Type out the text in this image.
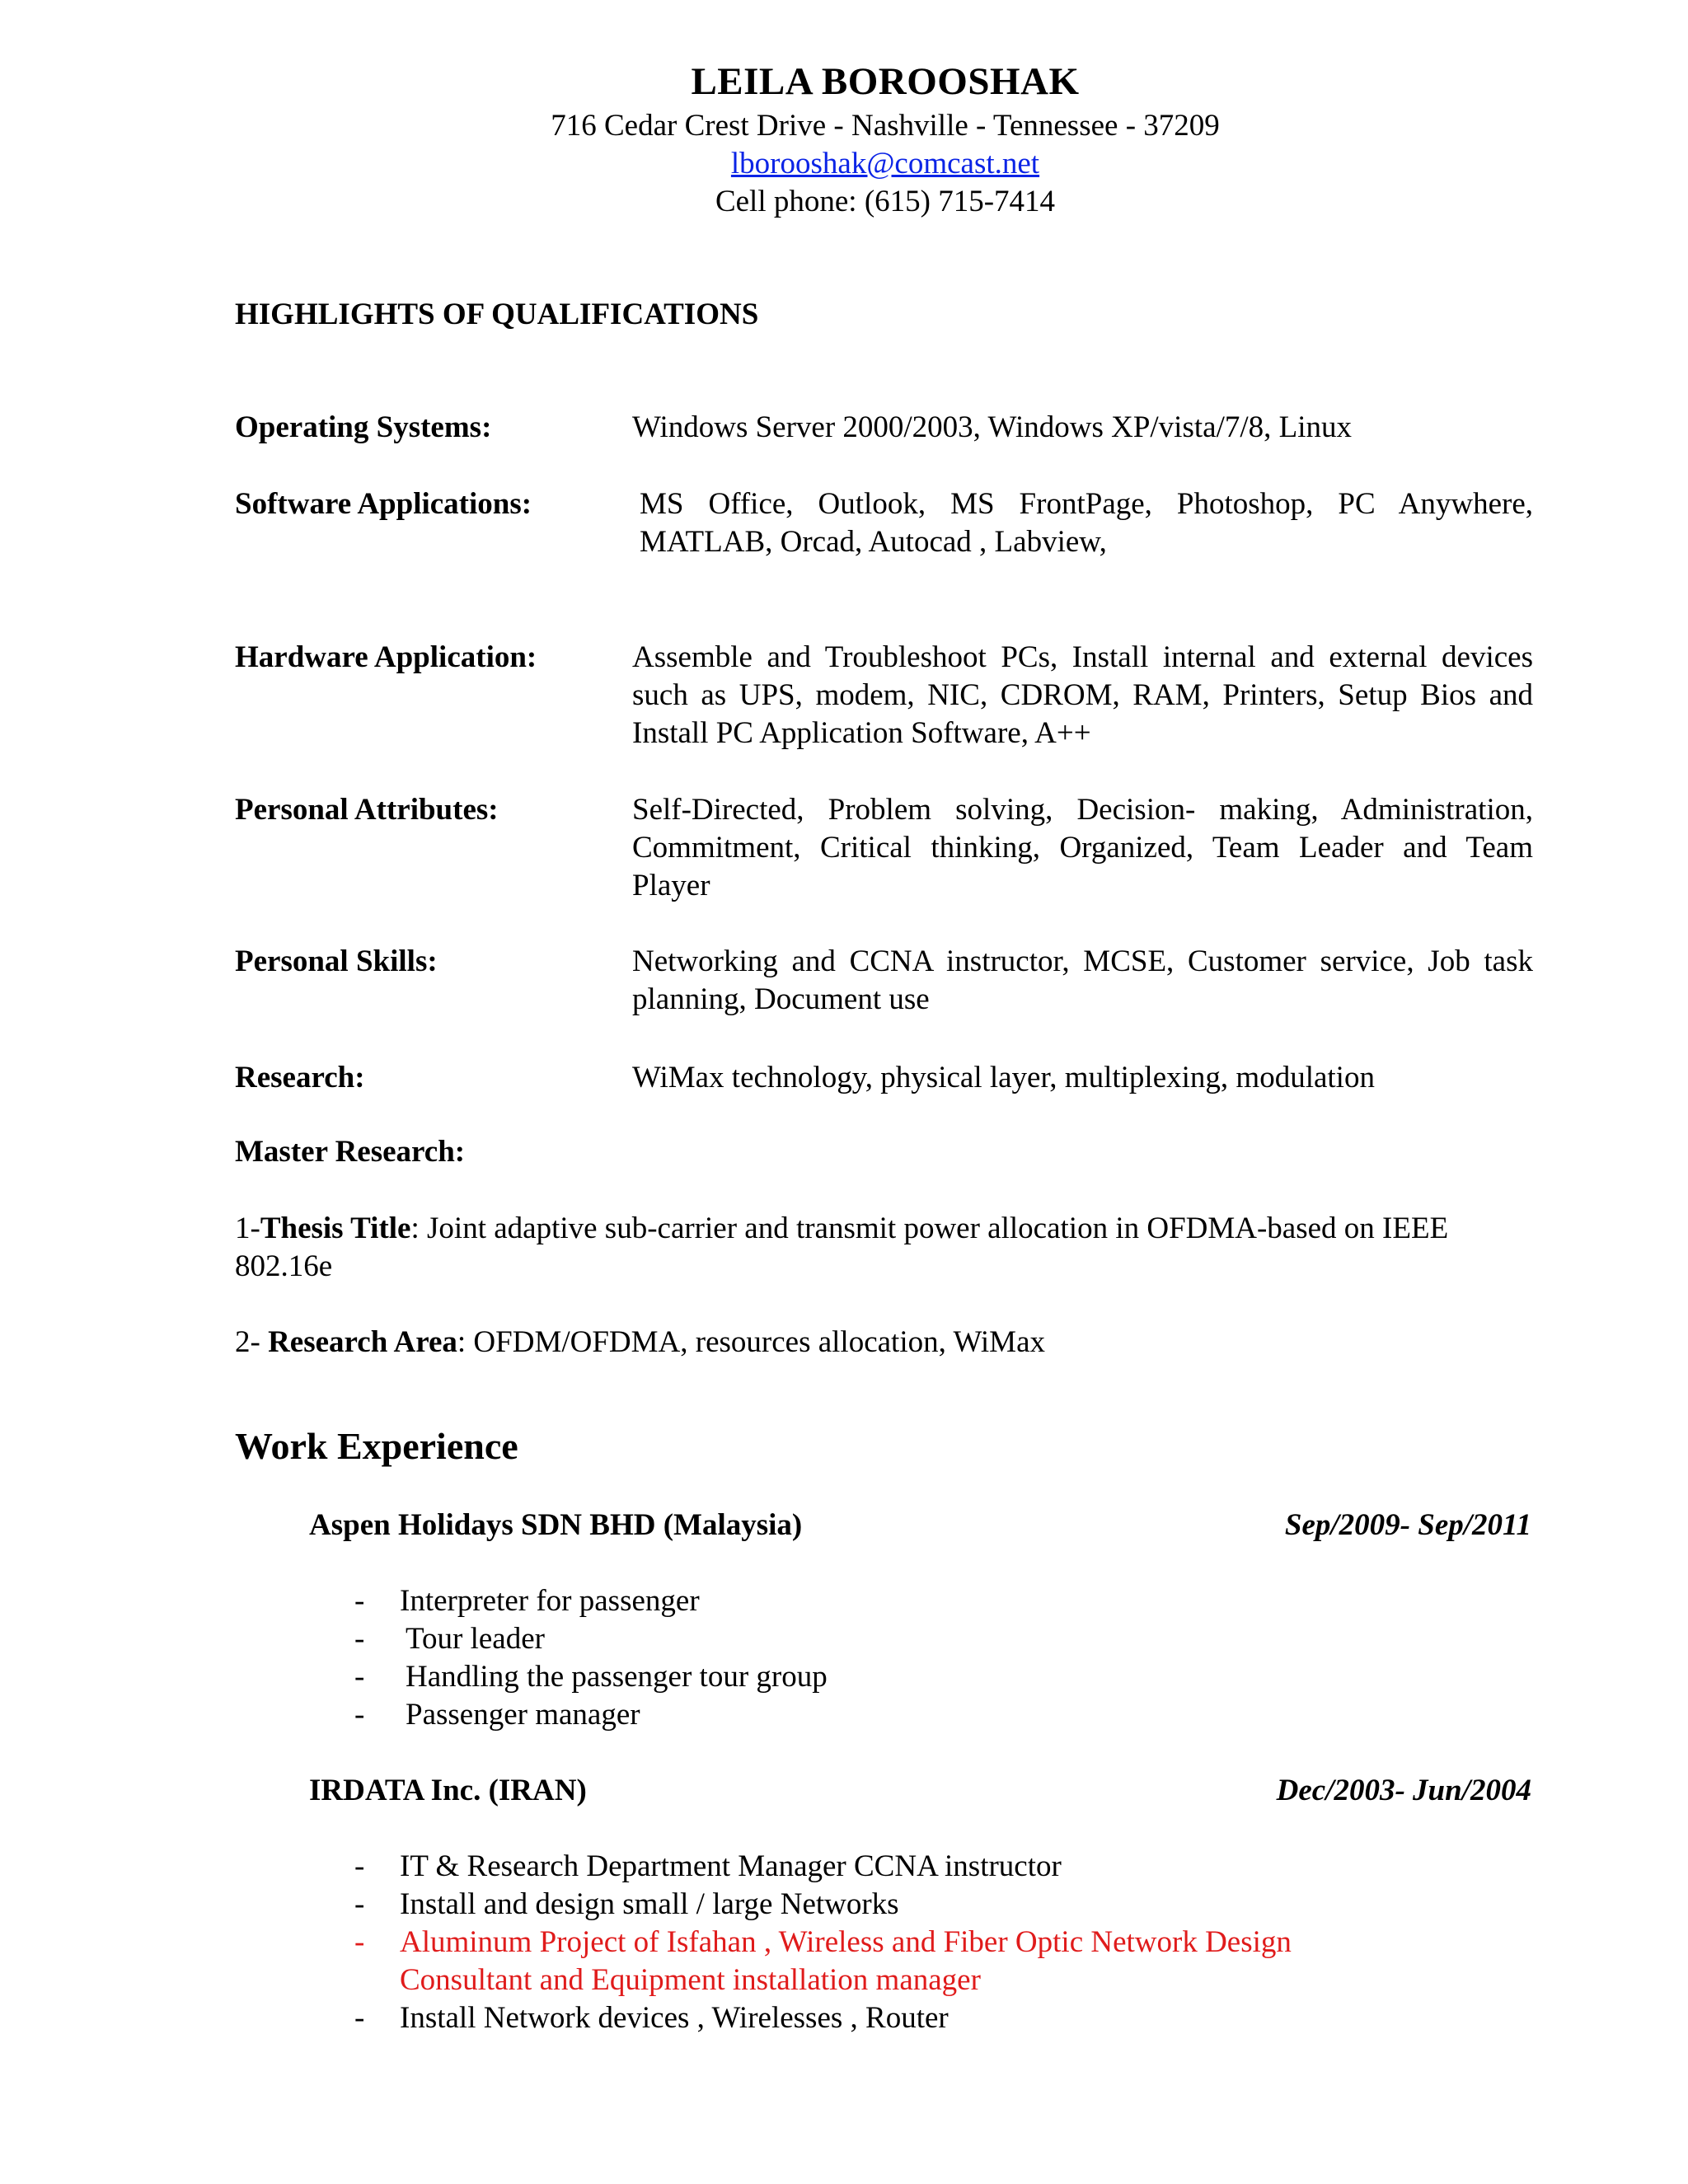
LEILA BOROOSHAK
716 Cedar Crest Drive - Nashville - Tennessee - 37209
lborooshak@comcast.net
Cell phone: (615) 715-7414
HIGHLIGHTS OF QUALIFICATIONS
Operating Systems:	Windows Server 2000/2003, Windows XP/vista/7/8, Linux
Software Applications:	MS Office, Outlook, MS FrontPage, Photoshop, PC Anywhere, MATLAB, Orcad, Autocad , Labview,
Hardware Application:	Assemble and Troubleshoot PCs, Install internal and external devices such as UPS, modem, NIC, CDROM, RAM, Printers, Setup Bios and Install PC Application Software, A++
Personal Attributes:	Self-Directed, Problem solving, Decision- making, Administration, Commitment, Critical thinking, Organized, Team Leader and Team Player
Personal Skills:	Networking and CCNA instructor, MCSE, Customer service, Job task planning, Document use
Research:	WiMax technology, physical layer, multiplexing, modulation
Master Research:
1-Thesis Title: Joint adaptive sub-carrier and transmit power allocation in OFDMA-based on IEEE 802.16e
2- Research Area: OFDM/OFDMA, resources allocation, WiMax
Work Experience
Aspen Holidays SDN BHD (Malaysia)	Sep/2009- Sep/2011
- Interpreter for passenger
- Tour leader
- Handling the passenger tour group
- Passenger manager
IRDATA Inc. (IRAN)	Dec/2003- Jun/2004
- IT & Research Department Manager CCNA instructor
- Install and design small / large Networks
- Aluminum Project of Isfahan , Wireless and Fiber Optic Network Design Consultant and Equipment installation manager
- Install Network devices , Wirelesses , Router
